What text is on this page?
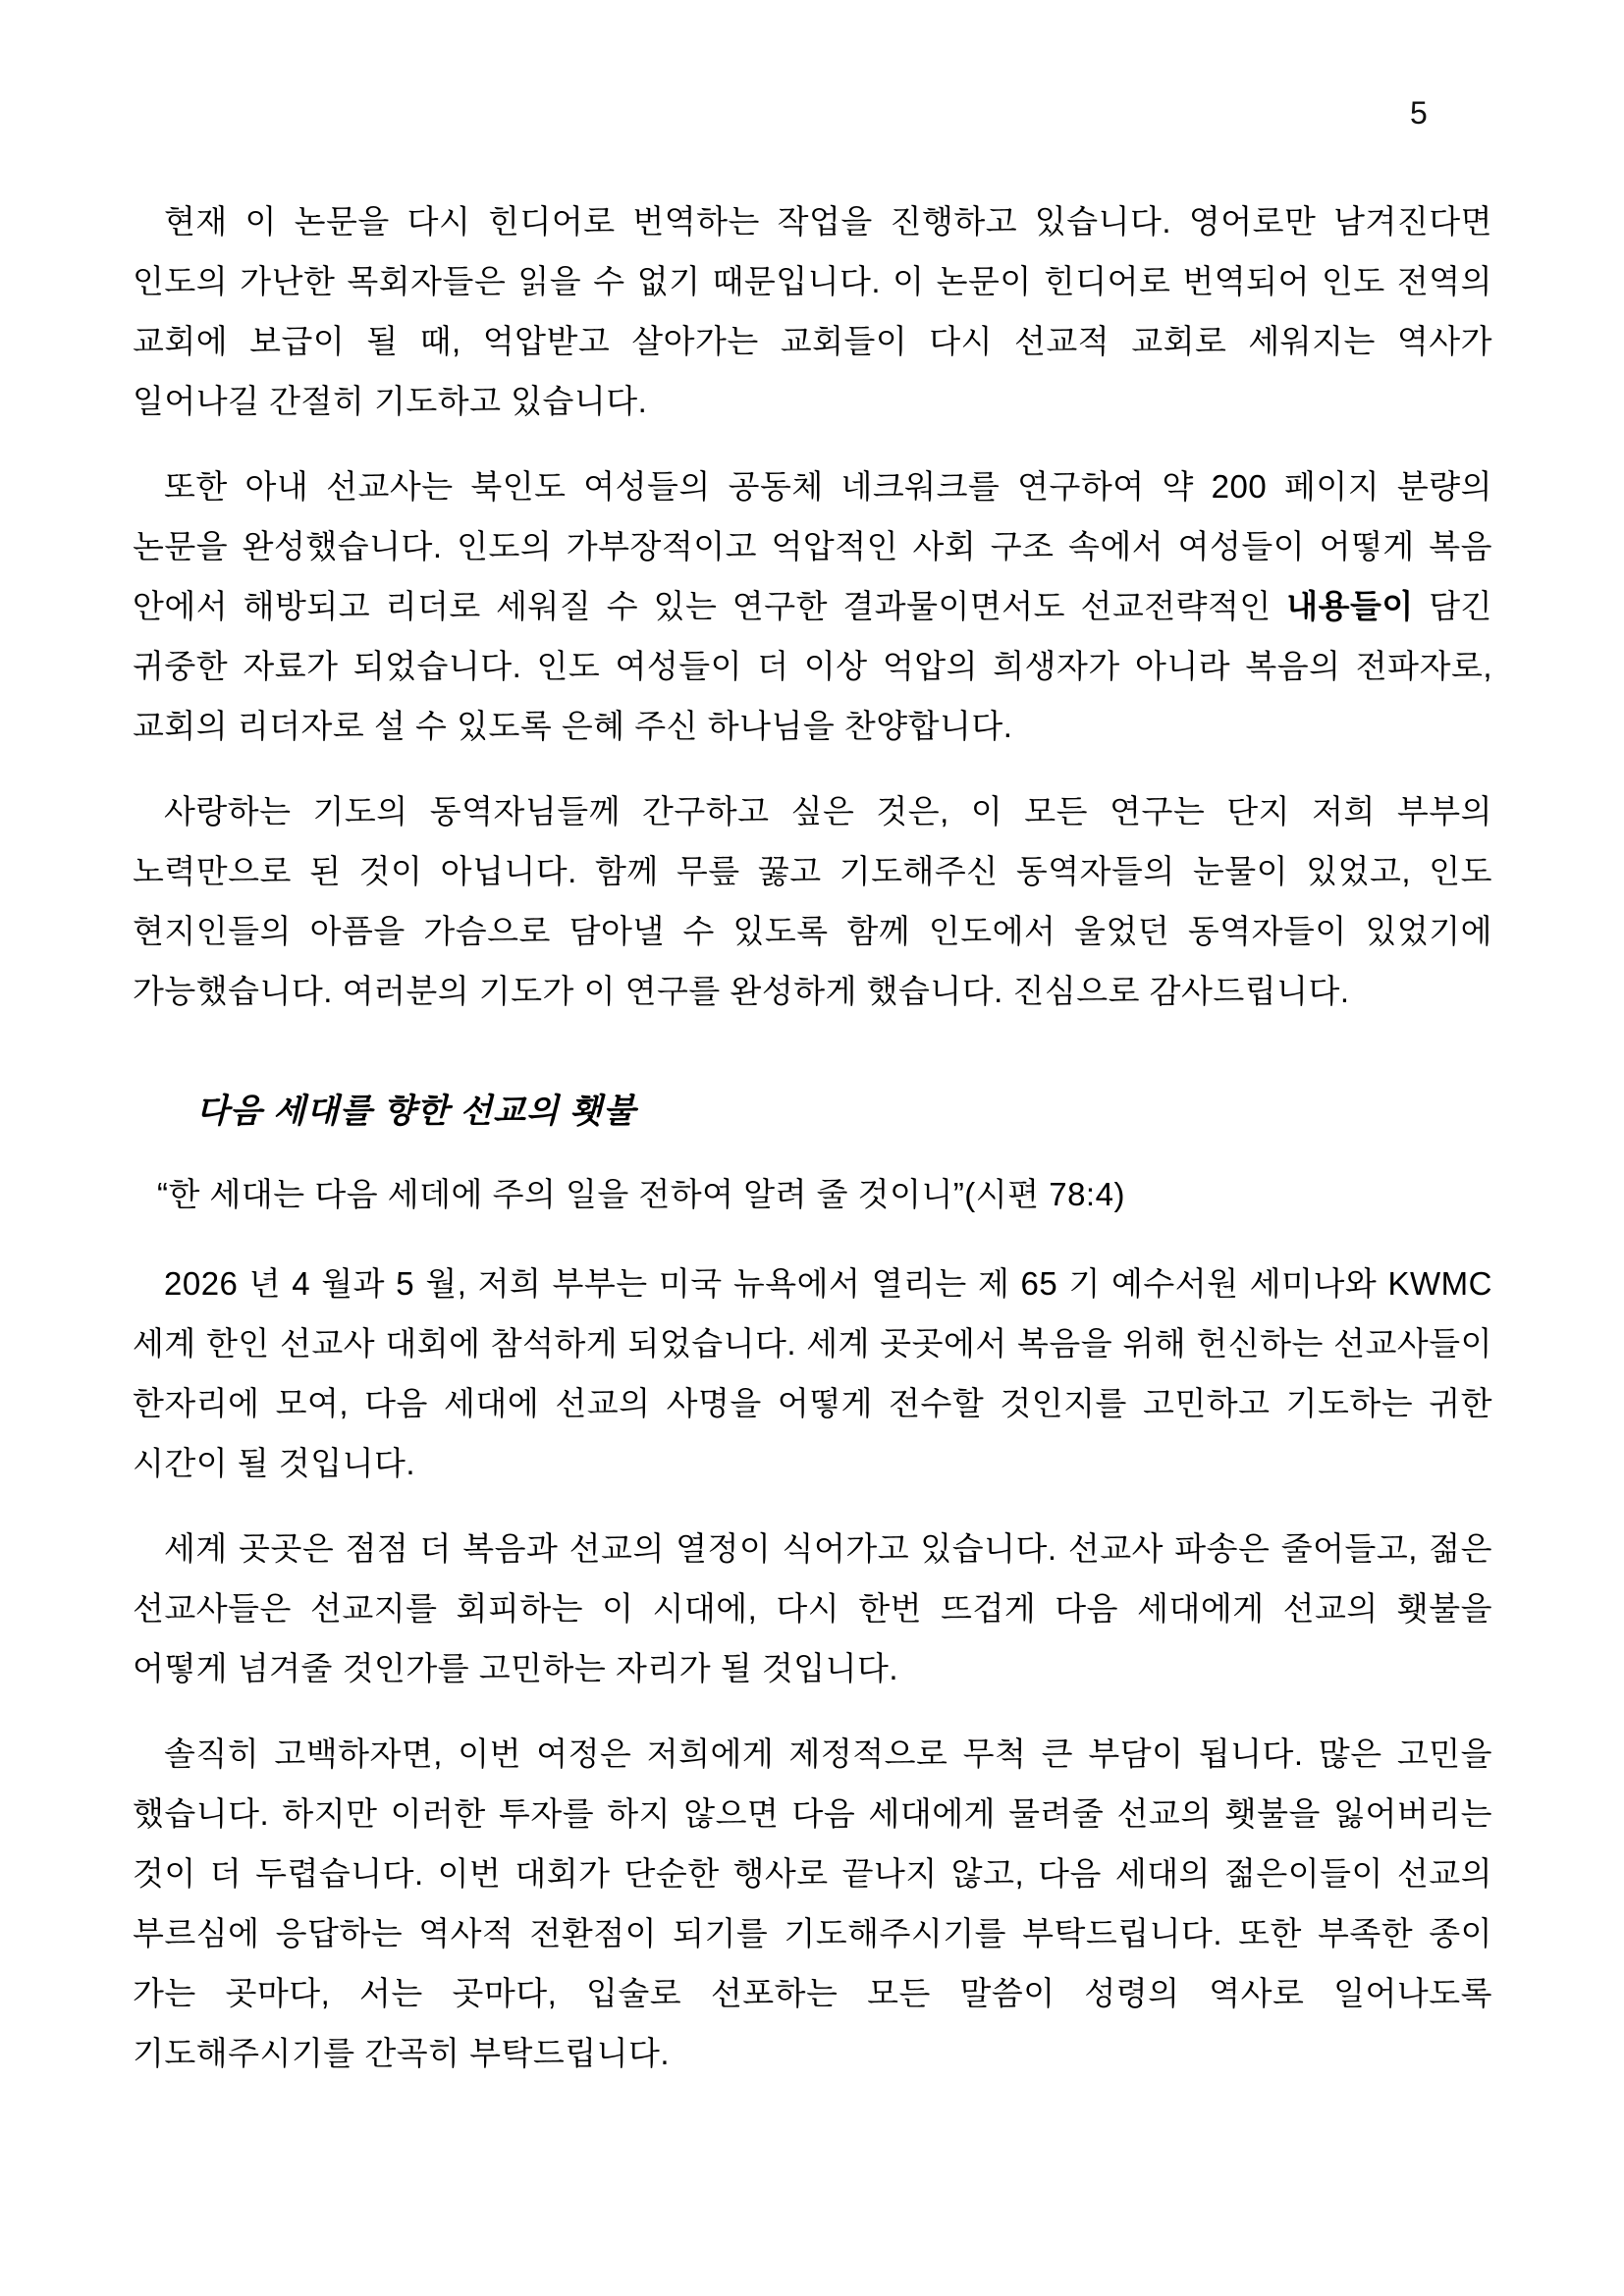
5

현재 이 논문을 다시 힌디어로 번역하는 작업을 진행하고 있습니다. 영어로만 남겨진다면 인도의 가난한 목회자들은 읽을 수 없기 때문입니다. 이 논문이 힌디어로 번역되어 인도 전역의 교회에 보급이 될 때, 억압받고 살아가는 교회들이 다시 선교적 교회로 세워지는 역사가 일어나길 간절히 기도하고 있습니다.

또한 아내 선교사는 북인도 여성들의 공동체 네크워크를 연구하여 약 200 페이지 분량의 논문을 완성했습니다. 인도의 가부장적이고 억압적인 사회 구조 속에서 여성들이 어떻게 복음 안에서 해방되고 리더로 세워질 수 있는 연구한 결과물이면서도 선교전략적인 내용들이 담긴 귀중한 자료가 되었습니다. 인도 여성들이 더 이상 억압의 희생자가 아니라 복음의 전파자로, 교회의 리더자로 설 수 있도록 은혜 주신 하나님을 찬양합니다.

사랑하는 기도의 동역자님들께 간구하고 싶은 것은, 이 모든 연구는 단지 저희 부부의 노력만으로 된 것이 아닙니다. 함께 무릎 꿇고 기도해주신 동역자들의 눈물이 있었고, 인도 현지인들의 아픔을 가슴으로 담아낼 수 있도록 함께 인도에서 울었던 동역자들이 있었기에 가능했습니다. 여러분의 기도가 이 연구를 완성하게 했습니다. 진심으로 감사드립니다.

다음 세대를 향한 선교의 횃불

“한 세대는 다음 세데에 주의 일을 전하여 알려 줄 것이니”(시편 78:4)

2026 년 4 월과 5 월, 저희 부부는 미국 뉴욕에서 열리는 제 65 기 예수서원 세미나와 KWMC 세계 한인 선교사 대회에 참석하게 되었습니다. 세계 곳곳에서 복음을 위해 헌신하는 선교사들이 한자리에 모여, 다음 세대에 선교의 사명을 어떻게 전수할 것인지를 고민하고 기도하는 귀한 시간이 될 것입니다.

세계 곳곳은 점점 더 복음과 선교의 열정이 식어가고 있습니다. 선교사 파송은 줄어들고, 젊은 선교사들은 선교지를 회피하는 이 시대에, 다시 한번 뜨겁게 다음 세대에게 선교의 횃불을 어떻게 넘겨줄 것인가를 고민하는 자리가 될 것입니다.

솔직히 고백하자면, 이번 여정은 저희에게 제정적으로 무척 큰 부담이 됩니다. 많은 고민을 했습니다. 하지만 이러한 투자를 하지 않으면 다음 세대에게 물려줄 선교의 횃불을 잃어버리는 것이 더 두렵습니다. 이번 대회가 단순한 행사로 끝나지 않고, 다음 세대의 젊은이들이 선교의 부르심에 응답하는 역사적 전환점이 되기를 기도해주시기를 부탁드립니다. 또한 부족한 종이 가는 곳마다, 서는 곳마다, 입술로 선포하는 모든 말씀이 성령의 역사로 일어나도록 기도해주시기를 간곡히 부탁드립니다.
